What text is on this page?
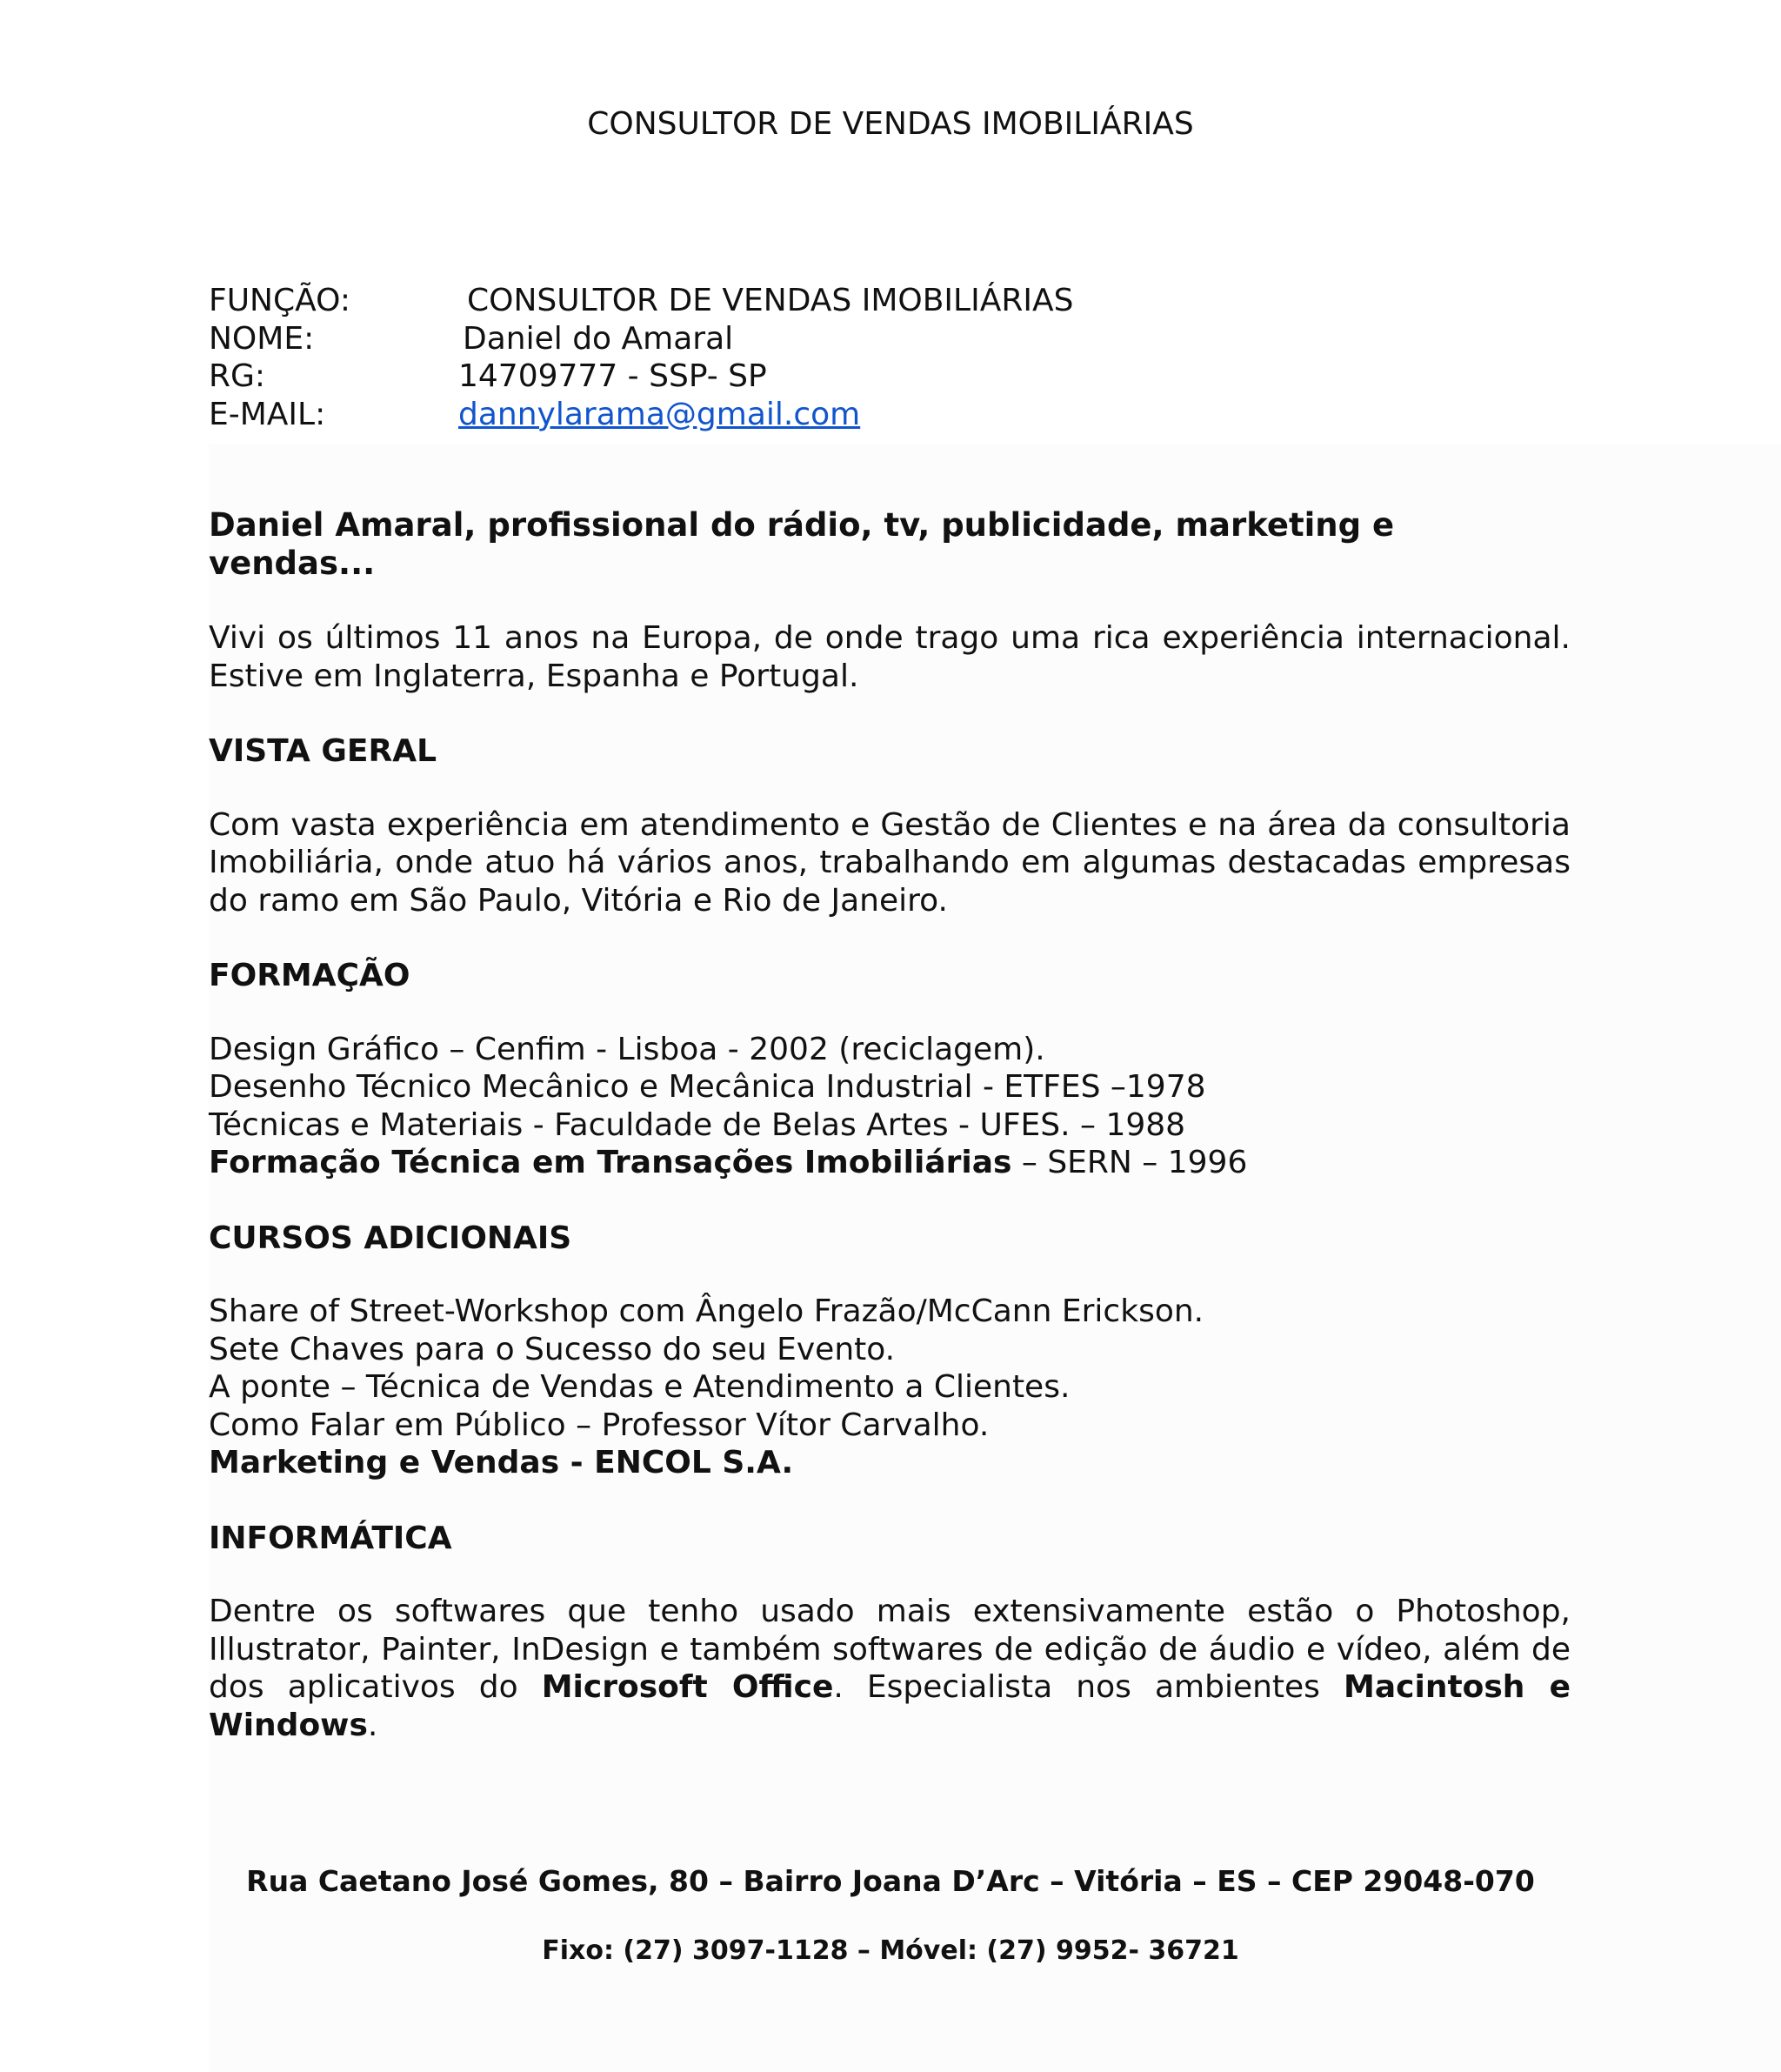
CONSULTOR DE VENDAS IMOBILIÁRIAS
FUNÇÃO:	CONSULTOR DE VENDAS IMOBILIÁRIAS
NOME:	Daniel do Amaral
RG:	14709777 - SSP- SP
E-MAIL:	dannylarama@gmail.com
Daniel Amaral, profissional do rádio, tv, publicidade, marketing e vendas...
Vivi os últimos 11 anos na Europa, de onde trago uma rica experiência internacional. Estive em Inglaterra, Espanha e Portugal.
VISTA GERAL
Com vasta experiência em atendimento e Gestão de Clientes e na área da consultoria Imobiliária, onde atuo há vários anos, trabalhando em algumas destacadas empresas do ramo em São Paulo, Vitória e Rio de Janeiro.
FORMAÇÃO
Design Gráfico – Cenfim - Lisboa - 2002 (reciclagem).
Desenho Técnico Mecânico e Mecânica Industrial - ETFES –1978
Técnicas e Materiais - Faculdade de Belas Artes - UFES. – 1988
Formação Técnica em Transações Imobiliárias – SERN – 1996
CURSOS ADICIONAIS
Share of Street-Workshop com Ângelo Frazão/McCann Erickson.
Sete Chaves para o Sucesso do seu Evento.
A ponte – Técnica de Vendas e Atendimento a Clientes.
Como Falar em Público – Professor Vítor Carvalho.
Marketing e Vendas - ENCOL S.A.
INFORMÁTICA
Dentre os softwares que tenho usado mais extensivamente estão o Photoshop, Illustrator, Painter, InDesign e também softwares de edição de áudio e vídeo, além de dos aplicativos do Microsoft Office. Especialista nos ambientes Macintosh e Windows.
Rua Caetano José Gomes, 80 – Bairro Joana D’Arc – Vitória – ES – CEP 29048-070
Fixo: (27) 3097-1128 – Móvel: (27) 9952- 36721
